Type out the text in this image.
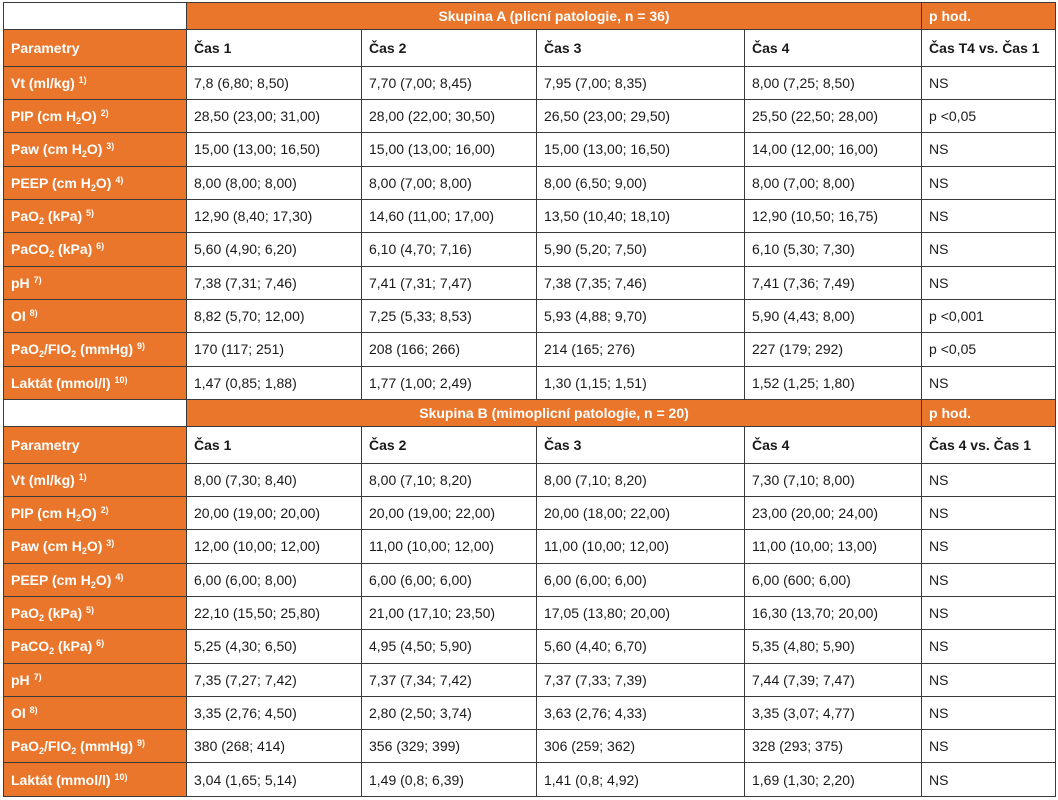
	Skupina A (plicní patologie, n = 36)				p hod.
Parametry	Čas 1	Čas 2	Čas 3	Čas 4	Čas T4 vs. Čas 1
Vt (ml/kg) $^{1)}$	7,8 (6,80; 8,50)	7,70 (7,00; 8,45)	7,95 (7,00; 8,35)	8,00 (7,25; 8,50)	NS
PIP (cm $H_2O$) $^{2)}$	28,50 (23,00; 31,00)	28,00 (22,00; 30,50)	26,50 (23,00; 29,50)	25,50 (22,50; 28,00)	p <0,05
Paw (cm $H_2O$) $^{3)}$	15,00 (13,00; 16,50)	15,00 (13,00; 16,00)	15,00 (13,00; 16,50)	14,00 (12,00; 16,00)	NS
PEEP (cm $H_2O$) $^{4)}$	8,00 (8,00; 8,00)	8,00 (7,00; 8,00)	8,00 (6,50; 9,00)	8,00 (7,00; 8,00)	NS
PaO$_2$ (kPa) $^{5)}$	12,90 (8,40; 17,30)	14,60 (11,00; 17,00)	13,50 (10,40; 18,10)	12,90 (10,50; 16,75)	NS
PaCO$_2$ (kPa) $^{6)}$	5,60 (4,90; 6,20)	6,10 (4,70; 7,16)	5,90 (5,20; 7,50)	6,10 (5,30; 7,30)	NS
pH $^{7)}$	7,38 (7,31; 7,46)	7,41 (7,31; 7,47)	7,38 (7,35; 7,46)	7,41 (7,36; 7,49)	NS
OI $^{8)}$	8,82 (5,70; 12,00)	7,25 (5,33; 8,53)	5,93 (4,88; 9,70)	5,90 (4,43; 8,00)	p <0,001
$PaO_2/FIO_2$ (mmHg) $^{9)}$	170 (117; 251)	208 (166; 266)	214 (165; 276)	227 (179; 292)	p <0,05
Laktát (mmol/l) $^{10)}$	1,47 (0,85; 1,88)	1,77 (1,00; 2,49)	1,30 (1,15; 1,51)	1,52 (1,25; 1,80)	NS
	Skupina B (mimoplicní patologie, n = 20)				p hod.
Parametry	Čas 1	Čas 2	Čas 3	Čas 4	Čas 4 vs. Čas 1
Vt (ml/kg) $^{1)}$	8,00 (7,30; 8,40)	8,00 (7,10; 8,20)	8,00 (7,10; 8,20)	7,30 (7,10; 8,00)	NS
PIP (cm $H_2O$) $^{2)}$	20,00 (19,00; 20,00)	20,00 (19,00; 22,00)	20,00 (18,00; 22,00)	23,00 (20,00; 24,00)	NS
Paw (cm $H_2O$) $^{3)}$	12,00 (10,00; 12,00)	11,00 (10,00; 12,00)	11,00 (10,00; 12,00)	11,00 (10,00; 13,00)	NS
PEEP (cm $H_2O$) $^{4)}$	6,00 (6,00; 8,00)	6,00 (6,00; 6,00)	6,00 (6,00; 6,00)	6,00 (600; 6,00)	NS
PaO$_2$ (kPa) $^{5)}$	22,10 (15,50; 25,80)	21,00 (17,10; 23,50)	17,05 (13,80; 20,00)	16,30 (13,70; 20,00)	NS
PaCO$_2$ (kPa) $^{6)}$	5,25 (4,30; 6,50)	4,95 (4,50; 5,90)	5,60 (4,40; 6,70)	5,35 (4,80; 5,90)	NS
pH $^{7)}$	7,35 (7,27; 7,42)	7,37 (7,34; 7,42)	7,37 (7,33; 7,39)	7,44 (7,39; 7,47)	NS
OI $^{8)}$	3,35 (2,76; 4,50)	2,80 (2,50; 3,74)	3,63 (2,76; 4,33)	3,35 (3,07; 4,77)	NS
$PaO_2/FIO_2$ (mmHg) $^{9)}$	380 (268; 414)	356 (329; 399)	306 (259; 362)	328 (293; 375)	NS
Laktát (mmol/l) $^{10)}$	3,04 (1,65; 5,14)	1,49 (0,8; 6,39)	1,41 (0,8; 4,92)	1,69 (1,30; 2,20)	NS
